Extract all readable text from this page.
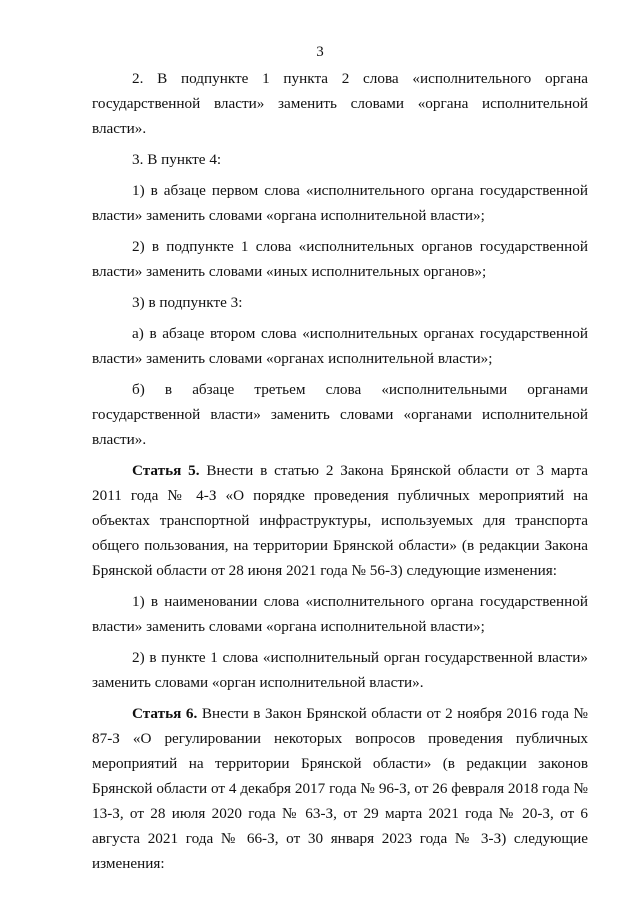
3

2. В подпункте 1 пункта 2 слова «исполнительного органа государственной власти» заменить словами «органа исполнительной власти».

3. В пункте 4:

1) в абзаце первом слова «исполнительного органа государственной власти» заменить словами «органа исполнительной власти»;

2) в подпункте 1 слова «исполнительных органов государственной власти» заменить словами «иных исполнительных органов»;

3) в подпункте 3:

а) в абзаце втором слова «исполнительных органах государственной власти» заменить словами «органах исполнительной власти»;

б) в абзаце третьем слова «исполнительными органами государственной власти» заменить словами «органами исполнительной власти».

Статья 5. Внести в статью 2 Закона Брянской области от 3 марта 2011 года № 4-З «О порядке проведения публичных мероприятий на объектах транспортной инфраструктуры, используемых для транспорта общего пользования, на территории Брянской области» (в редакции Закона Брянской области от 28 июня 2021 года № 56-З) следующие изменения:

1) в наименовании слова «исполнительного органа государственной власти» заменить словами «органа исполнительной власти»;

2) в пункте 1 слова «исполнительный орган государственной власти» заменить словами «орган исполнительной власти».

Статья 6. Внести в Закон Брянской области от 2 ноября 2016 года № 87-З «О регулировании некоторых вопросов проведения публичных мероприятий на территории Брянской области» (в редакции законов Брянской области от 4 декабря 2017 года № 96-З, от 26 февраля 2018 года № 13-З, от 28 июля 2020 года № 63-З, от 29 марта 2021 года № 20-З, от 6 августа 2021 года № 66-З, от 30 января 2023 года № 3-З) следующие изменения:
